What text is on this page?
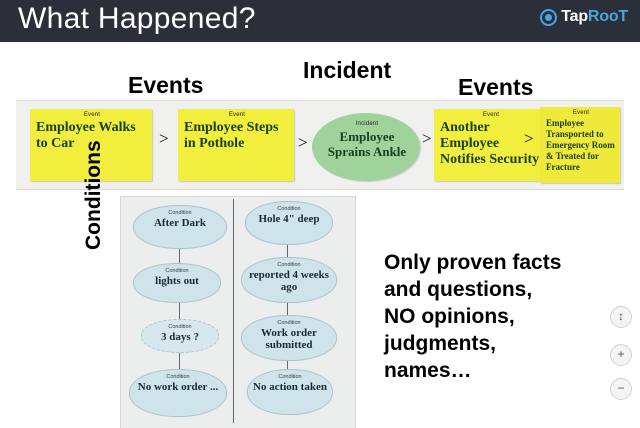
What Happened?	TapRooT
Events
Incident
Events
Event
Employee Walks to Car	>
Event
Employee Steps in Pothole	>
Incident
Employee Sprains Ankle
>
Event
Another Employee Notifies Security
>
Event
Employee Transported to Emergency Room & Treated for Fracture
Condition
After Dark
Condition
lights out
Condition
3 days ?
Condition
No work order ...
Condition
Hole 4" deep
Condition
reported 4 weeks ago
Condition
Work order submitted
Condition
No action taken
Conditions
Only proven facts
and questions,
NO opinions,
judgments,
names…
↕
+
−
